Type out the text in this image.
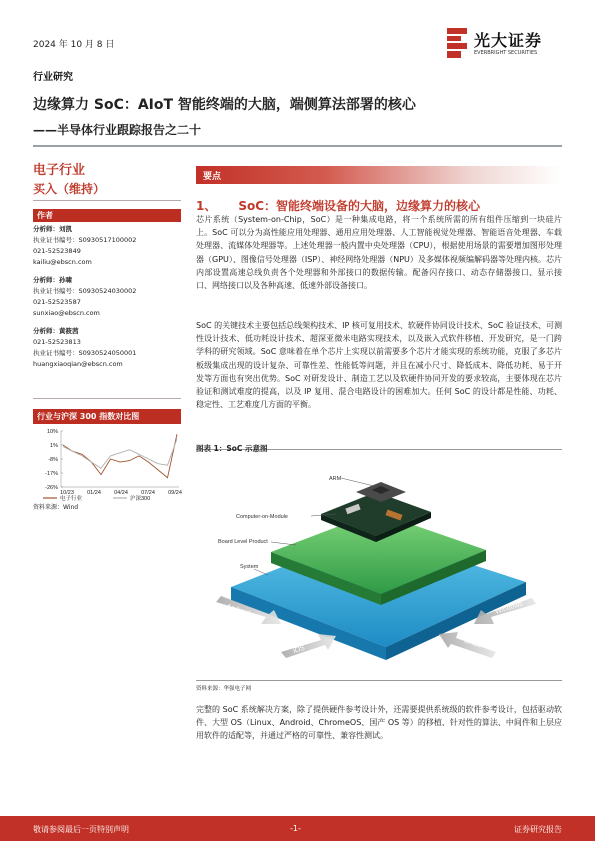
2024 年 10 月 8 日	光大证券
EVERBRIGHT SECURITIES
行业研究
边缘算力 SoC：AIoT 智能终端的大脑，端侧算法部署的核心
——半导体行业跟踪报告之二十
电子行业
买入（维持）
作者
分析师：刘凯
执业证书编号：S0930517100002
021-52523849
kailiu@ebscn.com
分析师：孙啸
执业证书编号：S0930524030002
021-52523587
sunxiao@ebscn.com
分析师：黄筱茜
021-52523813
执业证书编号：S0930524050001
huangxiaoqian@ebscn.com
行业与沪深 300 指数对比图
10%
1%
-8%
-17%
-26%
10/23 01/24 04/24 07/24 09/24
电子行业	沪深300
资料来源：Wind
要点
1、 SoC：智能终端设备的大脑，边缘算力的核心
芯片系统（System-on-Chip，SoC）是一种集成电路，将一个系统所需的所有组件压缩到一块硅片上。SoC 可以分为高性能应用处理器、通用应用处理器、人工智能视觉处理器、智能语音处理器、车载处理器、流媒体处理器等。上述处理器一般内置中央处理器（CPU），根据使用场景的需要增加图形处理器（GPU）、图像信号处理器（ISP）、神经网络处理器（NPU）及多媒体视频编解码器等处理内核。芯片内部设置高速总线负责各个处理器和外部接口的数据传输。配备闪存接口、动态存储器接口、显示接口、网络接口以及各种高速、低速外部设备接口。
SoC 的关键技术主要包括总线架构技术、IP 核可复用技术、软硬件协同设计技术、SoC 验证技术、可测性设计技术、低功耗设计技术、超深亚微米电路实现技术，以及嵌入式软件移植、开发研究，是一门跨学科的研究领域。SoC 意味着在单个芯片上实现以前需要多个芯片才能实现的系统功能，克服了多芯片板级集成出现的设计复杂、可靠性差、性能低等问题，并且在减小尺寸、降低成本、降低功耗、易于开发等方面也有突出优势。SoC 对研发设计、制造工艺以及软硬件协同开发的要求较高，主要体现在芯片验证和测试难度的提高，以及 IP 复用、混合电路设计的困难加大。任何 SoC 的设计都是性能、功耗、稳定性、工艺难度几方面的平衡。
图表 1：SoC 示意图
ARM
Computer-on-Module
Board Level Product
System
Android
iOS
Linux
Windows
资料来源：华强电子网
完整的 SoC 系统解决方案，除了提供硬件参考设计外，还需要提供系统级的软件参考设计，包括驱动软件、大型 OS（Linux、Android、ChromeOS、国产 OS 等）的移植、针对性的算法、中间件和上层应用软件的适配等，并通过严格的可靠性、兼容性测试。
敬请参阅最后一页特别声明	-1-	证券研究报告
